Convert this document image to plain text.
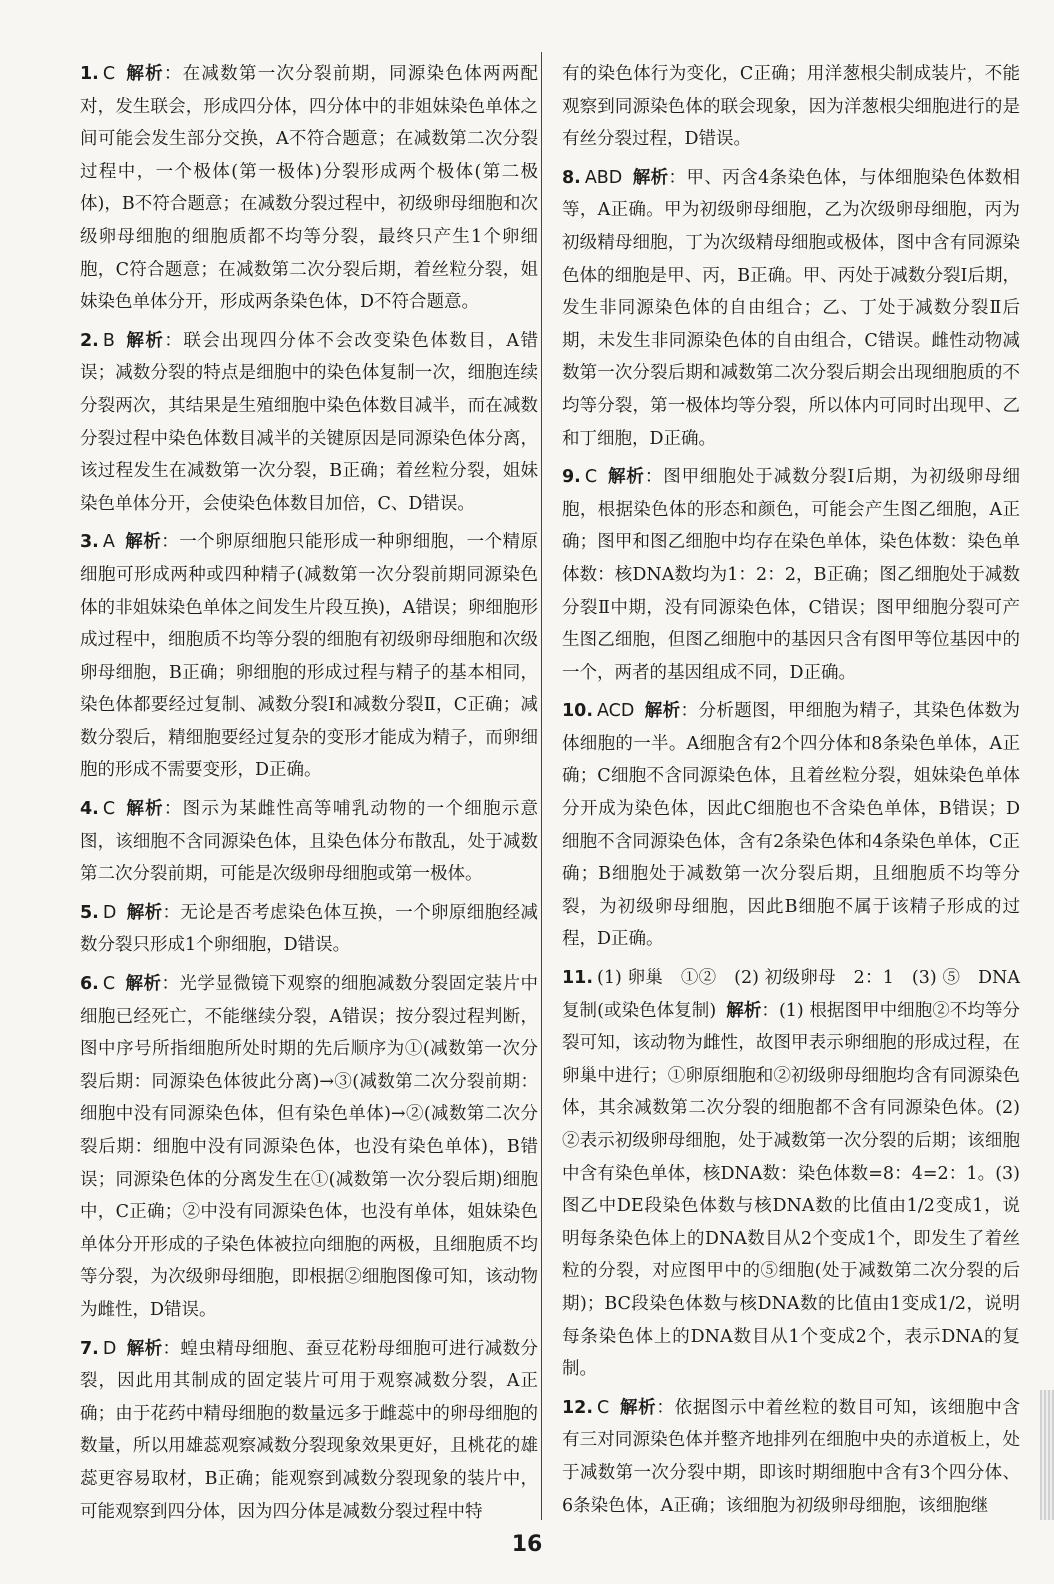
1. C 解析：在减数第一次分裂前期，同源染色体两两配对，发生联会，形成四分体，四分体中的非姐妹染色单体之间可能会发生部分交换，A不符合题意；在减数第二次分裂过程中，一个极体(第一极体)分裂形成两个极体(第二极体)，B不符合题意；在减数分裂过程中，初级卵母细胞和次级卵母细胞的细胞质都不均等分裂，最终只产生1个卵细胞，C符合题意；在减数第二次分裂后期，着丝粒分裂，姐妹染色单体分开，形成两条染色体，D不符合题意。

2. B 解析：联会出现四分体不会改变染色体数目，A错误；减数分裂的特点是细胞中的染色体复制一次，细胞连续分裂两次，其结果是生殖细胞中染色体数目减半，而在减数分裂过程中染色体数目减半的关键原因是同源染色体分离，该过程发生在减数第一次分裂，B正确；着丝粒分裂，姐妹染色单体分开，会使染色体数目加倍，C、D错误。

3. A 解析：一个卵原细胞只能形成一种卵细胞，一个精原细胞可形成两种或四种精子(减数第一次分裂前期同源染色体的非姐妹染色单体之间发生片段互换)，A错误；卵细胞形成过程中，细胞质不均等分裂的细胞有初级卵母细胞和次级卵母细胞，B正确；卵细胞的形成过程与精子的基本相同，染色体都要经过复制、减数分裂Ⅰ和减数分裂Ⅱ，C正确；减数分裂后，精细胞要经过复杂的变形才能成为精子，而卵细胞的形成不需要变形，D正确。

4. C 解析：图示为某雌性高等哺乳动物的一个细胞示意图，该细胞不含同源染色体，且染色体分布散乱，处于减数第二次分裂前期，可能是次级卵母细胞或第一极体。

5. D 解析：无论是否考虑染色体互换，一个卵原细胞经减数分裂只形成1个卵细胞，D错误。

6. C 解析：光学显微镜下观察的细胞减数分裂固定装片中细胞已经死亡，不能继续分裂，A错误；按分裂过程判断，图中序号所指细胞所处时期的先后顺序为①(减数第一次分裂后期：同源染色体彼此分离)→③(减数第二次分裂前期：细胞中没有同源染色体，但有染色单体)→②(减数第二次分裂后期：细胞中没有同源染色体，也没有染色单体)，B错误；同源染色体的分离发生在①(减数第一次分裂后期)细胞中，C正确；②中没有同源染色体，也没有单体，姐妹染色单体分开形成的子染色体被拉向细胞的两极，且细胞质不均等分裂，为次级卵母细胞，即根据②细胞图像可知，该动物为雌性，D错误。

7. D 解析：蝗虫精母细胞、蚕豆花粉母细胞可进行减数分裂，因此用其制成的固定装片可用于观察减数分裂，A正确；由于花药中精母细胞的数量远多于雌蕊中的卵母细胞的数量，所以用雄蕊观察减数分裂现象效果更好，且桃花的雄蕊更容易取材，B正确；能观察到减数分裂现象的装片中，可能观察到四分体，因为四分体是减数分裂过程中特

有的染色体行为变化，C正确；用洋葱根尖制成装片，不能观察到同源染色体的联会现象，因为洋葱根尖细胞进行的是有丝分裂过程，D错误。

8. ABD 解析：甲、丙含4条染色体，与体细胞染色体数相等，A正确。甲为初级卵母细胞，乙为次级卵母细胞，丙为初级精母细胞，丁为次级精母细胞或极体，图中含有同源染色体的细胞是甲、丙，B正确。甲、丙处于减数分裂Ⅰ后期，发生非同源染色体的自由组合；乙、丁处于减数分裂Ⅱ后期，未发生非同源染色体的自由组合，C错误。雌性动物减数第一次分裂后期和减数第二次分裂后期会出现细胞质的不均等分裂，第一极体均等分裂，所以体内可同时出现甲、乙和丁细胞，D正确。

9. C 解析：图甲细胞处于减数分裂Ⅰ后期，为初级卵母细胞，根据染色体的形态和颜色，可能会产生图乙细胞，A正确；图甲和图乙细胞中均存在染色单体，染色体数：染色单体数：核DNA数均为1：2：2，B正确；图乙细胞处于减数分裂Ⅱ中期，没有同源染色体，C错误；图甲细胞分裂可产生图乙细胞，但图乙细胞中的基因只含有图甲等位基因中的一个，两者的基因组成不同，D正确。

10. ACD 解析：分析题图，甲细胞为精子，其染色体数为体细胞的一半。A细胞含有2个四分体和8条染色单体，A正确；C细胞不含同源染色体，且着丝粒分裂，姐妹染色单体分开成为染色体，因此C细胞也不含染色单体，B错误；D细胞不含同源染色体，含有2条染色体和4条染色单体，C正确；B细胞处于减数第一次分裂后期，且细胞质不均等分裂，为初级卵母细胞，因此B细胞不属于该精子形成的过程，D正确。

11. (1) 卵巢　①②　(2) 初级卵母　2：1　(3) ⑤　DNA复制(或染色体复制) 解析：(1) 根据图甲中细胞②不均等分裂可知，该动物为雌性，故图甲表示卵细胞的形成过程，在卵巢中进行；①卵原细胞和②初级卵母细胞均含有同源染色体，其余减数第二次分裂的细胞都不含有同源染色体。(2) ②表示初级卵母细胞，处于减数第一次分裂的后期；该细胞中含有染色单体，核DNA数：染色体数=8：4=2：1。(3) 图乙中DE段染色体数与核DNA数的比值由1/2变成1，说明每条染色体上的DNA数目从2个变成1个，即发生了着丝粒的分裂，对应图甲中的⑤细胞(处于减数第二次分裂的后期)；BC段染色体数与核DNA数的比值由1变成1/2，说明每条染色体上的DNA数目从1个变成2个，表示DNA的复制。

12. C 解析：依据图示中着丝粒的数目可知，该细胞中含有三对同源染色体并整齐地排列在细胞中央的赤道板上，处于减数第一次分裂中期，即该时期细胞中含有3个四分体、6条染色体，A正确；该细胞为初级卵母细胞，该细胞继

16
